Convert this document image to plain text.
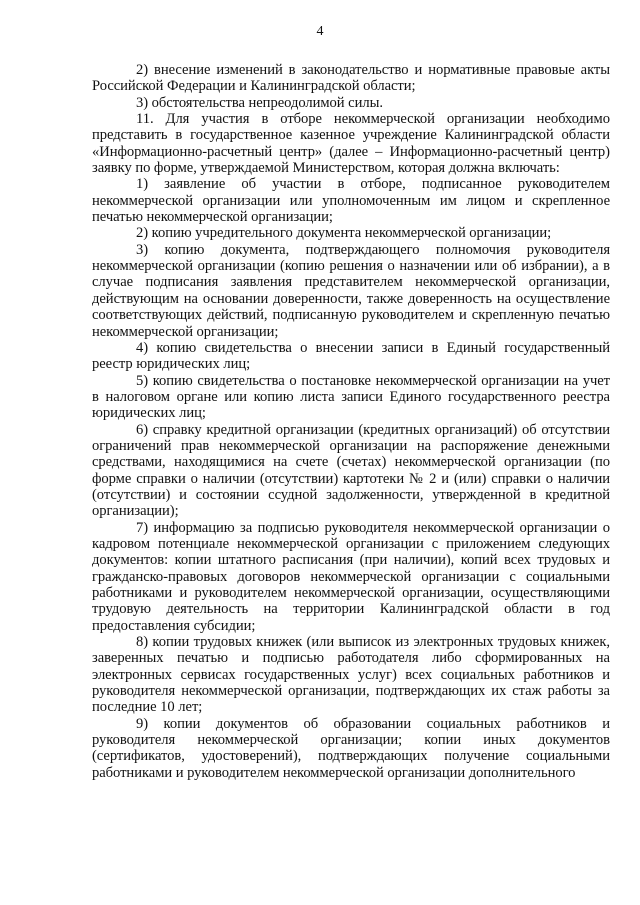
4

2) внесение изменений в законодательство и нормативные правовые акты Российской Федерации и Калининградской области;

3) обстоятельства непреодолимой силы.

11. Для участия в отборе некоммерческой организации необходимо представить в государственное казенное учреждение Калининградской области «Информационно-расчетный центр» (далее – Информационно-расчетный центр) заявку по форме, утверждаемой Министерством, которая должна включать:

1) заявление об участии в отборе, подписанное руководителем некоммерческой организации или уполномоченным им лицом и скрепленное печатью некоммерческой организации;

2) копию учредительного документа некоммерческой организации;

3) копию документа, подтверждающего полномочия руководителя некоммерческой организации (копию решения о назначении или об избрании), а в случае подписания заявления представителем некоммерческой организации, действующим на основании доверенности, также доверенность на осуществление соответствующих действий, подписанную руководителем и скрепленную печатью некоммерческой организации;

4) копию свидетельства о внесении записи в Единый государственный реестр юридических лиц;

5) копию свидетельства о постановке некоммерческой организации на учет в налоговом органе или копию листа записи Единого государственного реестра юридических лиц;

6) справку кредитной организации (кредитных организаций) об отсутствии ограничений прав некоммерческой организации на распоряжение денежными средствами, находящимися на счете (счетах) некоммерческой организации (по форме справки о наличии (отсутствии) картотеки № 2 и (или) справки о наличии (отсутствии) и состоянии ссудной задолженности, утвержденной в кредитной организации);

7) информацию за подписью руководителя некоммерческой организации о кадровом потенциале некоммерческой организации с приложением следующих документов: копии штатного расписания (при наличии), копий всех трудовых и гражданско-правовых договоров некоммерческой организации с социальными работниками и руководителем некоммерческой организации, осуществляющими трудовую деятельность на территории Калининградской области в год предоставления субсидии;

8) копии трудовых книжек (или выписок из электронных трудовых книжек, заверенных печатью и подписью работодателя либо сформированных на электронных сервисах государственных услуг) всех социальных работников и руководителя некоммерческой организации, подтверждающих их стаж работы за последние 10 лет;

9) копии документов об образовании социальных работников и руководителя некоммерческой организации; копии иных документов (сертификатов, удостоверений), подтверждающих получение социальными работниками и руководителем некоммерческой организации дополнительного
